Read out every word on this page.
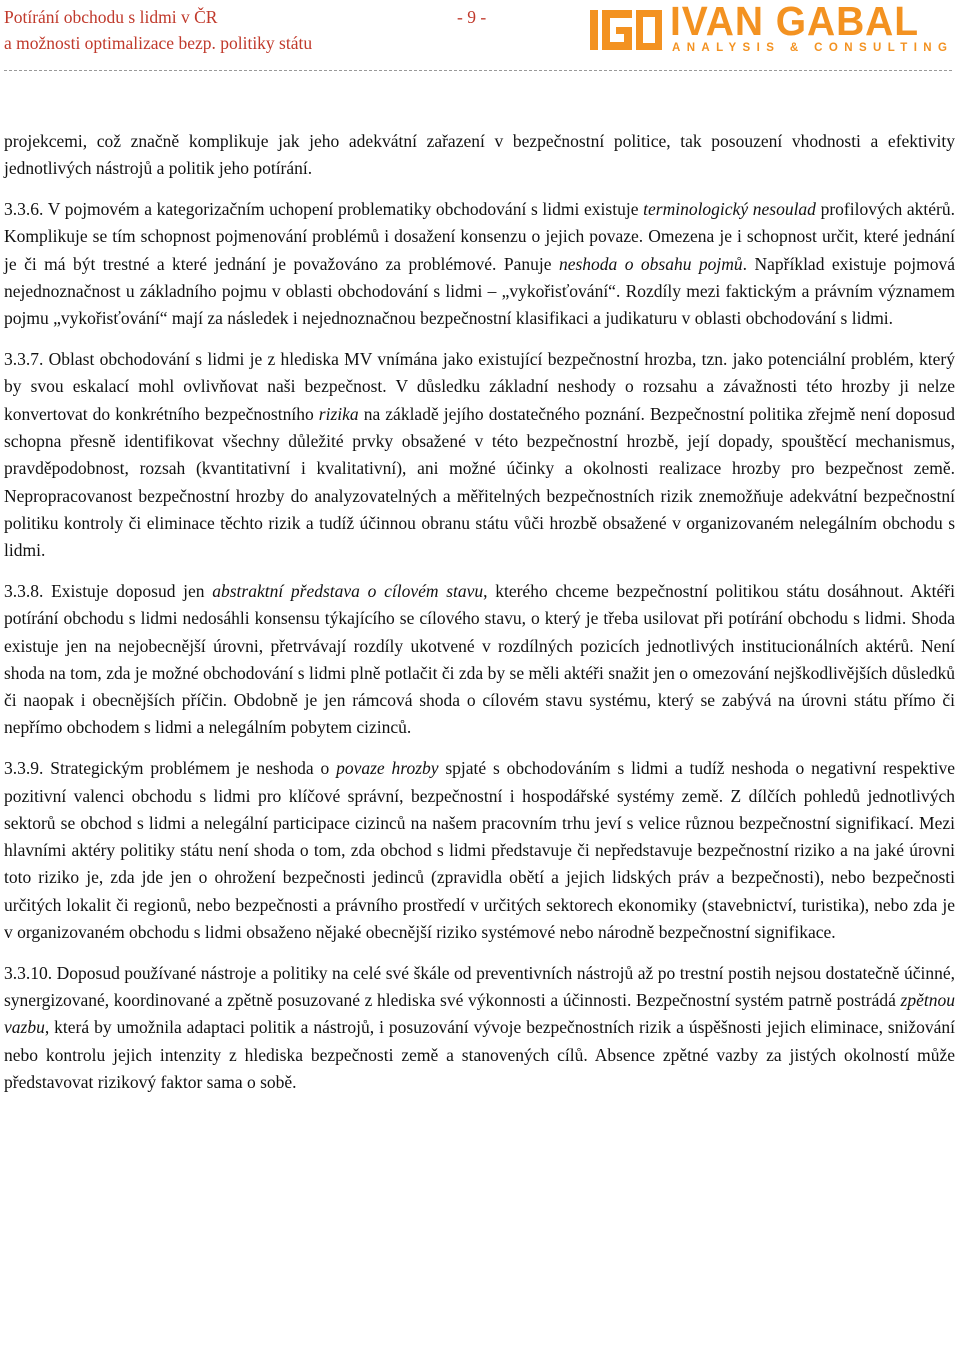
Potírání obchodu s lidmi v ČR
a možnosti optimalizace bezp. politiky státu
- 9 -	IVAN GABAL
ANALYSIS & CONSULTING

projekcemi, což značně komplikuje jak jeho adekvátní zařazení v bezpečnostní politice, tak posouzení vhodnosti a efektivity jednotlivých nástrojů a politik jeho potírání.

3.3.6. V pojmovém a kategorizačním uchopení problematiky obchodování s lidmi existuje terminologický nesoulad profilových aktérů. Komplikuje se tím schopnost pojmenování problémů i dosažení konsenzu o jejich povaze. Omezena je i schopnost určit, které jednání je či má být trestné a které jednání je považováno za problémové. Panuje neshoda o obsahu pojmů. Například existuje pojmová nejednoznačnost u základního pojmu v oblasti obchodování s lidmi – „vykořisťování“. Rozdíly mezi faktickým a právním významem pojmu „vykořisťování“ mají za následek i nejednoznačnou bezpečnostní klasifikaci a judikaturu v oblasti obchodování s lidmi.

3.3.7. Oblast obchodování s lidmi je z hlediska MV vnímána jako existující bezpečnostní hrozba, tzn. jako potenciální problém, který by svou eskalací mohl ovlivňovat naši bezpečnost. V důsledku základní neshody o rozsahu a závažnosti této hrozby ji nelze konvertovat do konkrétního bezpečnostního rizika na základě jejího dostatečného poznání. Bezpečnostní politika zřejmě není doposud schopna přesně identifikovat všechny důležité prvky obsažené v této bezpečnostní hrozbě, její dopady, spouštěcí mechanismus, pravděpodobnost, rozsah (kvantitativní i kvalitativní), ani možné účinky a okolnosti realizace hrozby pro bezpečnost země. Nepropracovanost bezpečnostní hrozby do analyzovatelných a měřitelných bezpečnostních rizik znemožňuje adekvátní bezpečnostní politiku kontroly či eliminace těchto rizik a tudíž účinnou obranu státu vůči hrozbě obsažené v organizovaném nelegálním obchodu s lidmi.

3.3.8. Existuje doposud jen abstraktní představa o cílovém stavu, kterého chceme bezpečnostní politikou státu dosáhnout. Aktéři potírání obchodu s lidmi nedosáhli konsensu týkajícího se cílového stavu, o který je třeba usilovat při potírání obchodu s lidmi. Shoda existuje jen na nejobecnější úrovni, přetrvávají rozdíly ukotvené v rozdílných pozicích jednotlivých institucionálních aktérů. Není shoda na tom, zda je možné obchodování s lidmi plně potlačit či zda by se měli aktéři snažit jen o omezování nejškodlivějších důsledků či naopak i obecnějších příčin. Obdobně je jen rámcová shoda o cílovém stavu systému, který se zabývá na úrovni státu přímo či nepřímo obchodem s lidmi a nelegálním pobytem cizinců.

3.3.9. Strategickým problémem je neshoda o povaze hrozby spjaté s obchodováním s lidmi a tudíž neshoda o negativní respektive pozitivní valenci obchodu s lidmi pro klíčové správní, bezpečnostní i hospodářské systémy země. Z dílčích pohledů jednotlivých sektorů se obchod s lidmi a nelegální participace cizinců na našem pracovním trhu jeví s velice různou bezpečnostní signifikací. Mezi hlavními aktéry politiky státu není shoda o tom, zda obchod s lidmi představuje či nepředstavuje bezpečnostní riziko a na jaké úrovni toto riziko je, zda jde jen o ohrožení bezpečnosti jedinců (zpravidla obětí a jejich lidských práv a bezpečnosti), nebo bezpečnosti určitých lokalit či regionů, nebo bezpečnosti a právního prostředí v určitých sektorech ekonomiky (stavebnictví, turistika), nebo zda je v organizovaném obchodu s lidmi obsaženo nějaké obecnější riziko systémové nebo národně bezpečnostní signifikace.

3.3.10. Doposud používané nástroje a politiky na celé své škále od preventivních nástrojů až po trestní postih nejsou dostatečně účinné, synergizované, koordinované a zpětně posuzované z hlediska své výkonnosti a účinnosti. Bezpečnostní systém patrně postrádá zpětnou vazbu, která by umožnila adaptaci politik a nástrojů, i posuzování vývoje bezpečnostních rizik a úspěšnosti jejich eliminace, snižování nebo kontrolu jejich intenzity z hlediska bezpečnosti země a stanovených cílů. Absence zpětné vazby za jistých okolností může představovat rizikový faktor sama o sobě.
